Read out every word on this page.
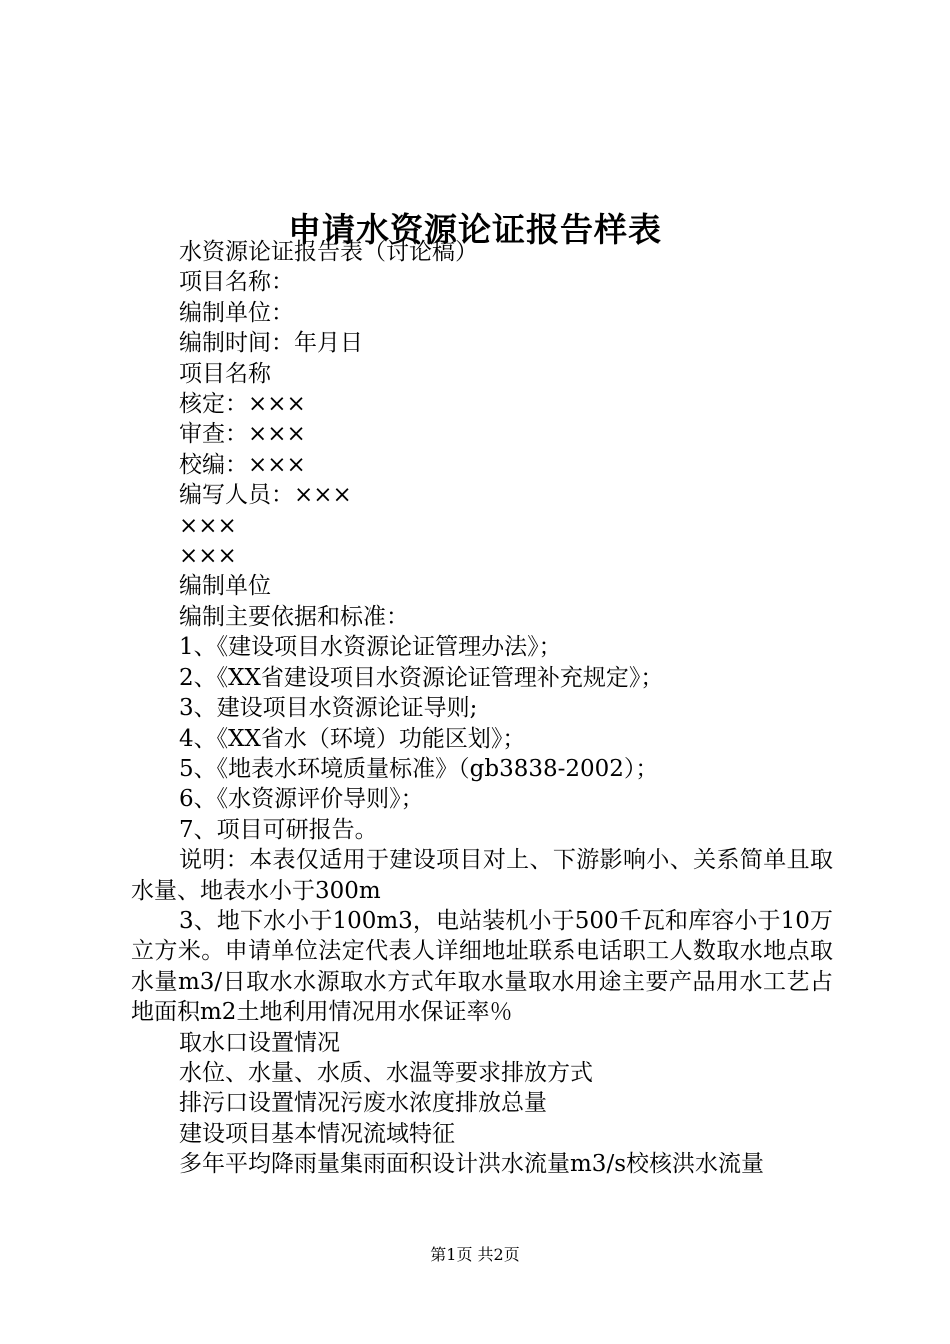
申请水资源论证报告样表

水资源论证报告表（讨论稿）

项目名称：

编制单位：

编制时间：年月日

项目名称

核定：×××

审查：×××

校编：×××

编写人员：×××

×××

×××

编制单位

编制主要依据和标准：

1、《建设项目水资源论证管理办法》；

2、《XX省建设项目水资源论证管理补充规定》；

3、建设项目水资源论证导则;

4、《XX省水（环境）功能区划》；

5、《地表水环境质量标准》（gb3838-2002）；

6、《水资源评价导则》；

7、项目可研报告。

说明：本表仅适用于建设项目对上、下游影响小、关系简单且取水量、地表水小于300m

3、地下水小于100m3，电站装机小于500千瓦和库容小于10万立方米。申请单位法定代表人详细地址联系电话职工人数取水地点取水量m3/日取水水源取水方式年取水量取水用途主要产品用水工艺占地面积m2土地利用情况用水保证率％

取水口设置情况

水位、水量、水质、水温等要求排放方式

排污口设置情况污废水浓度排放总量

建设项目基本情况流域特征

多年平均降雨量集雨面积设计洪水流量m3/s校核洪水流量

第1页 共2页
